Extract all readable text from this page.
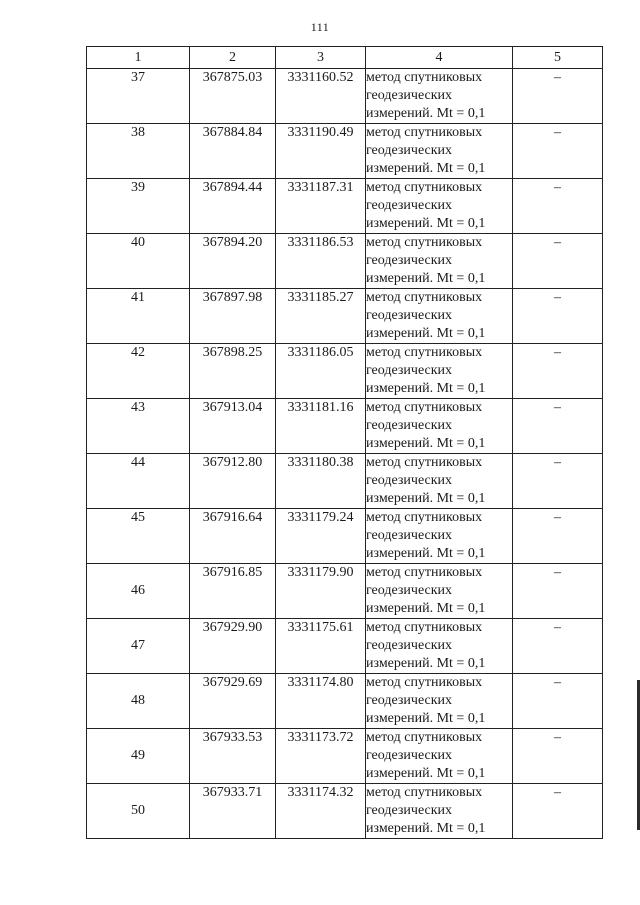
111
1	2	3	4	5
37	367875.03	3331160.52	метод спутниковых
геодезических
измерений. Mt = 0,1	–
38	367884.84	3331190.49	метод спутниковых
геодезических
измерений. Mt = 0,1	–
39	367894.44	3331187.31	метод спутниковых
геодезических
измерений. Mt = 0,1	–
40	367894.20	3331186.53	метод спутниковых
геодезических
измерений. Mt = 0,1	–
41	367897.98	3331185.27	метод спутниковых
геодезических
измерений. Mt = 0,1	–
42	367898.25	3331186.05	метод спутниковых
геодезических
измерений. Mt = 0,1	–
43	367913.04	3331181.16	метод спутниковых
геодезических
измерений. Mt = 0,1	–
44	367912.80	3331180.38	метод спутниковых
геодезических
измерений. Mt = 0,1	–
45	367916.64	3331179.24	метод спутниковых
геодезических
измерений. Mt = 0,1	–
46	367916.85	3331179.90	метод спутниковых
геодезических
измерений. Mt = 0,1	–
47	367929.90	3331175.61	метод спутниковых
геодезических
измерений. Mt = 0,1	–
48	367929.69	3331174.80	метод спутниковых
геодезических
измерений. Mt = 0,1	–
49	367933.53	3331173.72	метод спутниковых
геодезических
измерений. Mt = 0,1	–
50	367933.71	3331174.32	метод спутниковых
геодезических
измерений. Mt = 0,1	–
